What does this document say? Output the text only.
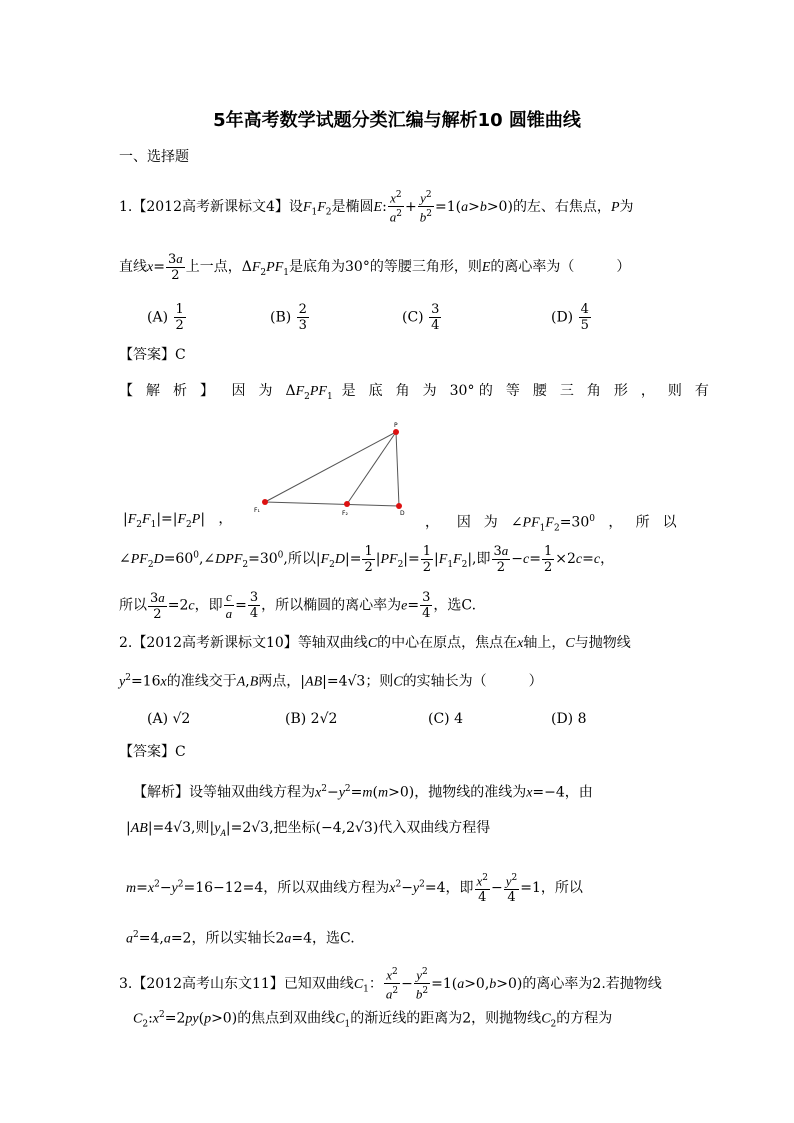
5年高考数学试题分类汇编与解析10 圆锥曲线
一、选择题
1.【2012高考新课标文4】设$F_1F_2$是椭圆E: $\frac{x^2}{a^2} + \frac{y^2}{b^2} =1(a>b>0)$的左、右焦点，P为
直线$x= \frac{3a}{2}$ 上一点，$\Delta F_2PF_1$是底角为30°的等腰三角形，则E的离心率为（　　　）
$(A) \frac{1}{2}$	$(B) \frac{2}{3}$	$(C) \frac{3}{4}$	$(D) \frac{4}{5}$
【答案】C
【解析】 因为$\Delta F_2PF_1$ 是底角为30° 的等腰三角形，则有
P
F₁	F₂	D
$|F_2F_1|=|F_2P|$   ，	， 因为$\angle PF_1F_2=30^0$   ，   所以
$\angle PF_2D=60^0,\angle DPF_2=30^0$,所以$|F_2D|= \frac{1}{2} |PF_2|= \frac{1}{2} |F_1F_2|$,即 $\frac{3a}{2} -c= \frac{1}{2} \times 2c=c$，
所以 $\frac{3a}{2} =2c$，即 $\frac{c}{a} = \frac{3}{4}$ ，所以椭圆的离心率为$e= \frac{3}{4}$ ，选C.
2.【2012高考新课标文10】等轴双曲线C的中心在原点，焦点在x轴上，C与抛物线
$y^2=16x$的准线交于A,B两点，|AB|=4√3；则C的实轴长为（　　　）
(A) √2	(B) 2√2	(C) 4	(D) 8
【答案】C
【解析】设等轴双曲线方程为$x^2-y^2=m(m>0)$，抛物线的准线为x=−4，由
|AB|=4√3,则$|y_A|=2√3$,把坐标(−4,2√3)代入双曲线方程得
$m=x^2-y^2=16-12=4$，所以双曲线方程为$x^2-y^2=4$，即 $\frac{x^2}{4} - \frac{y^2}{4} =1$，所以
$a^2=4,a=2$，所以实轴长2a=4，选C.
3.【2012高考山东文11】已知双曲线$C_1$： $\frac{x^2}{a^2} - \frac{y^2}{b^2} =1(a>0,b>0)$的离心率为2.若抛物线
$C_2:x^2=2py(p>0)$的焦点到双曲线$C_1$的渐近线的距离为2，则抛物线$C_2$的方程为
